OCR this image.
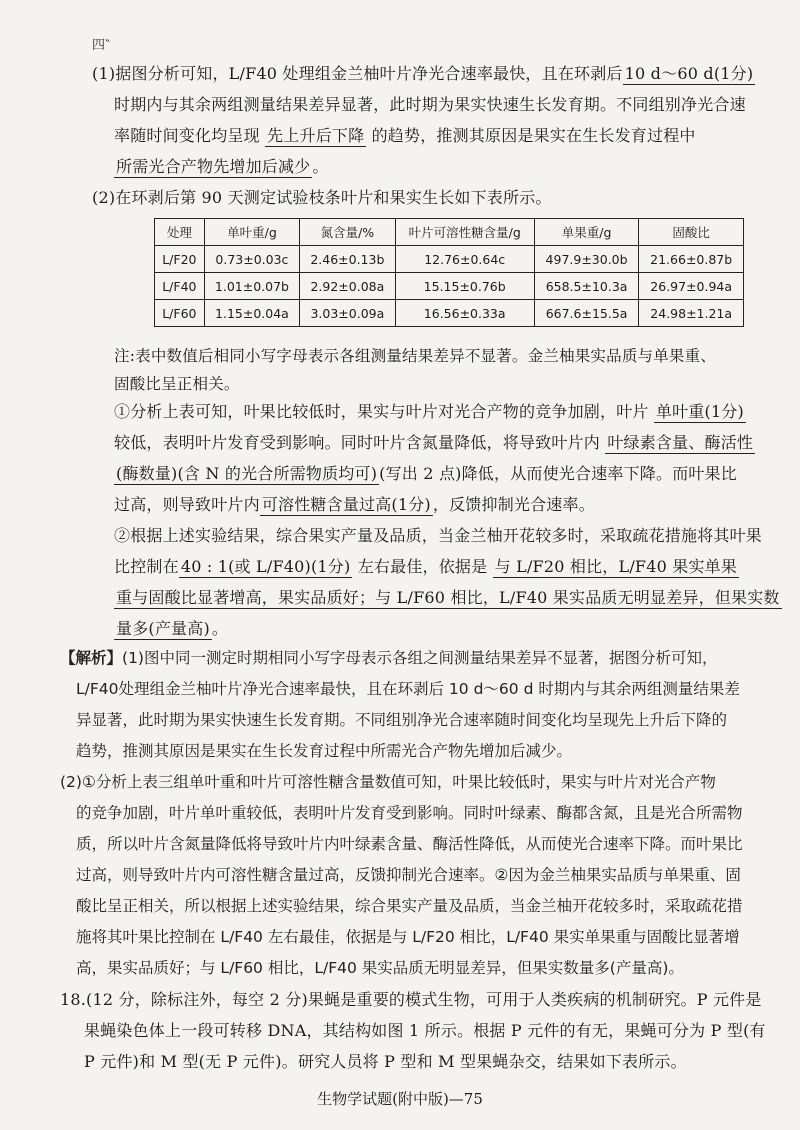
四‶
(1)据图分析可知，L/F40 处理组金兰柚叶片净光合速率最快，且在环剥后 10 d～60 d(1分)
时期内与其余两组测量结果差异显著，此时期为果实快速生长发育期。不同组别净光合速
率随时间变化均呈现 先上升后下降 的趋势，推测其原因是果实在生长发育过程中
所需光合产物先增加后减少 。
(2)在环剥后第 90 天测定试验枝条叶片和果实生长如下表所示。
处理	单叶重/g	氮含量/%	叶片可溶性糖含量/g	单果重/g	固酸比
L/F20	0.73±0.03c	2.46±0.13b	12.76±0.64c	497.9±30.0b	21.66±0.87b
L/F40	1.01±0.07b	2.92±0.08a	15.15±0.76b	658.5±10.3a	26.97±0.94a
L/F60	1.15±0.04a	3.03±0.09a	16.56±0.33a	667.6±15.5a	24.98±1.21a
注:表中数值后相同小写字母表示各组测量结果差异不显著。金兰柚果实品质与单果重、
固酸比呈正相关。
①分析上表可知，叶果比较低时，果实与叶片对光合产物的竞争加剧，叶片 单叶重(1分)
较低，表明叶片发育受到影响。同时叶片含氮量降低，将导致叶片内 叶绿素含量、酶活性
(酶数量)(含 N 的光合所需物质均可) (写出 2 点)降低，从而使光合速率下降。而叶果比
过高，则导致叶片内 可溶性糖含量过高(1分) ，反馈抑制光合速率。
②根据上述实验结果，综合果实产量及品质，当金兰柚开花较多时，采取疏花措施将其叶果
比控制在 40 : 1(或 L/F40)(1分) 左右最佳，依据是 与 L/F20 相比，L/F40 果实单果
重与固酸比显著增高，果实品质好；与 L/F60 相比，L/F40 果实品质无明显差异，但果实数
量多(产量高) 。
【解析】(1)图中同一测定时期相同小写字母表示各组之间测量结果差异不显著，据图分析可知，
L/F40处理组金兰柚叶片净光合速率最快，且在环剥后 10 d～60 d 时期内与其余两组测量结果差
异显著，此时期为果实快速生长发育期。不同组别净光合速率随时间变化均呈现先上升后下降的
趋势，推测其原因是果实在生长发育过程中所需光合产物先增加后减少。
(2)①分析上表三组单叶重和叶片可溶性糖含量数值可知，叶果比较低时，果实与叶片对光合产物
的竞争加剧，叶片单叶重较低，表明叶片发育受到影响。同时叶绿素、酶都含氮，且是光合所需物
质，所以叶片含氮量降低将导致叶片内叶绿素含量、酶活性降低，从而使光合速率下降。而叶果比
过高，则导致叶片内可溶性糖含量过高，反馈抑制光合速率。②因为金兰柚果实品质与单果重、固
酸比呈正相关，所以根据上述实验结果，综合果实产量及品质，当金兰柚开花较多时，采取疏花措
施将其叶果比控制在 L/F40 左右最佳，依据是与 L/F20 相比，L/F40 果实单果重与固酸比显著增
高，果实品质好；与 L/F60 相比，L/F40 果实品质无明显差异，但果实数量多(产量高)。
18.(12 分，除标注外，每空 2 分)果蝇是重要的模式生物，可用于人类疾病的机制研究。P 元件是
果蝇染色体上一段可转移 DNA，其结构如图 1 所示。根据 P 元件的有无，果蝇可分为 P 型(有
P 元件)和 M 型(无 P 元件)。研究人员将 P 型和 M 型果蝇杂交，结果如下表所示。
生物学试题(附中版)—75
